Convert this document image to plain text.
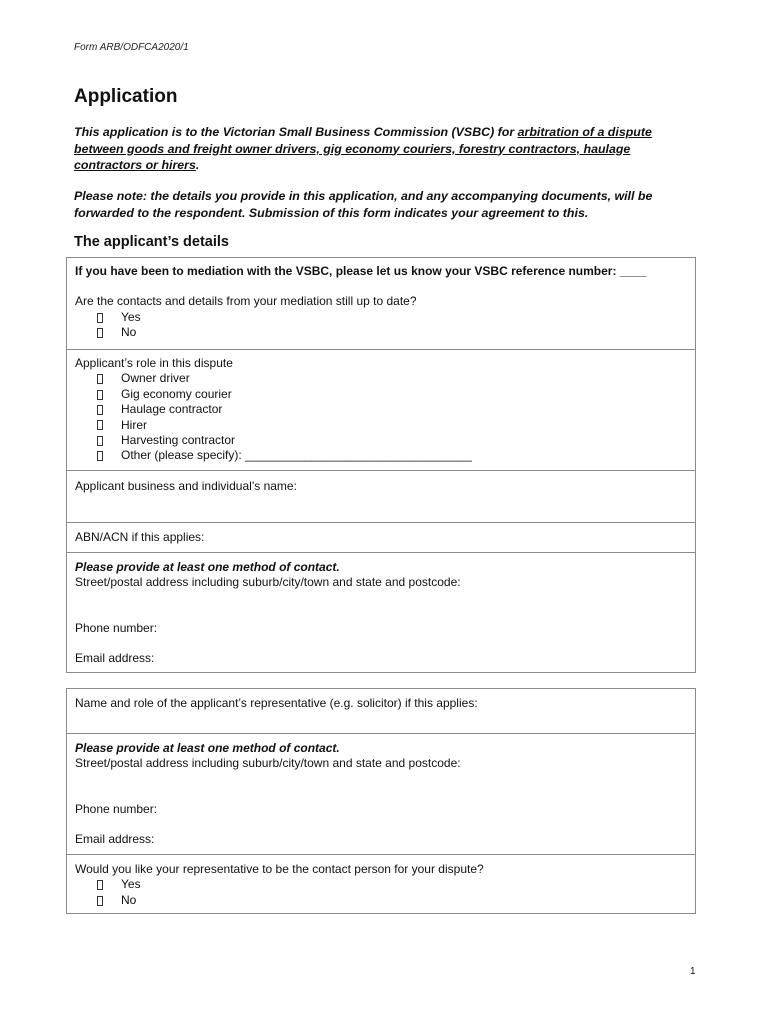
Form ARB/ODFCA2020/1
Application

This application is to the Victorian Small Business Commission (VSBC) for arbitration of a dispute between goods and freight owner drivers, gig economy couriers, forestry contractors, haulage contractors or hirers.

Please note: the details you provide in this application, and any accompanying documents, will be forwarded to the respondent. Submission of this form indicates your agreement to this.

The applicant’s details
If you have been to mediation with the VSBC, please let us know your VSBC reference number: ____
Are the contacts and details from your mediation still up to date?
Yes
No
Applicant’s role in this dispute
Owner driver
Gig economy courier
Haulage contractor
Hirer
Harvesting contractor
Other (please specify): __________________________________
Applicant business and individual’s name:
ABN/ACN if this applies:
Please provide at least one method of contact.
Street/postal address including suburb/city/town and state and postcode:
Phone number:
Email address:
Name and role of the applicant’s representative (e.g. solicitor) if this applies:
Please provide at least one method of contact.
Street/postal address including suburb/city/town and state and postcode:
Phone number:
Email address:
Would you like your representative to be the contact person for your dispute?
Yes
No
1
